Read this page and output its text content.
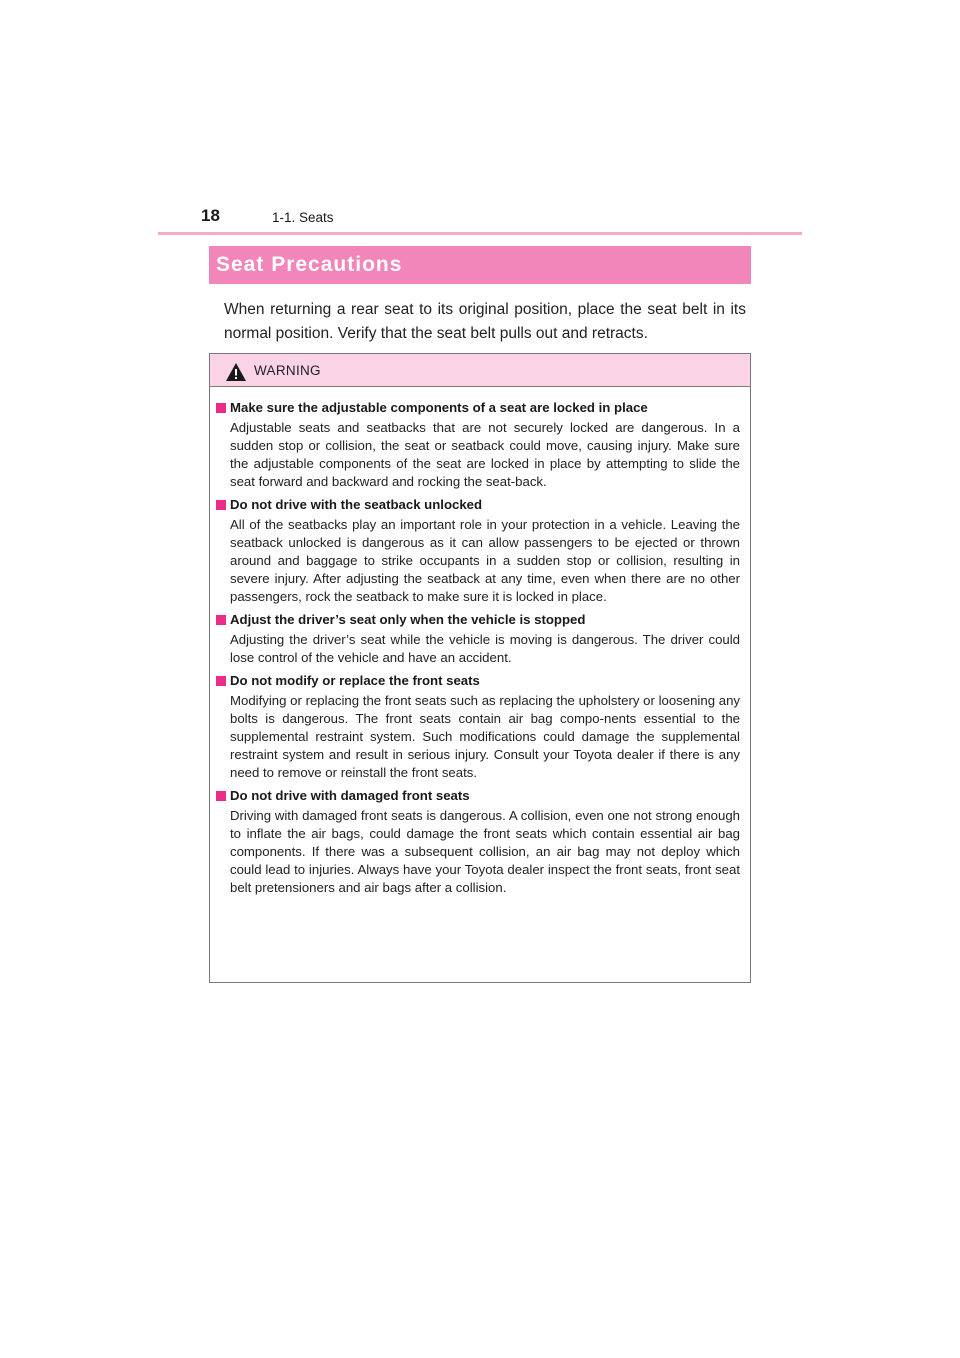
18	1-1. Seats
Seat Precautions
When returning a rear seat to its original position, place the seat belt in its normal position. Verify that the seat belt pulls out and retracts.
WARNING
Make sure the adjustable components of a seat are locked in place
Adjustable seats and seatbacks that are not securely locked are dangerous. In a sudden stop or collision, the seat or seatback could move, causing injury. Make sure the adjustable components of the seat are locked in place by attempting to slide the seat forward and backward and rocking the seat-back.
Do not drive with the seatback unlocked
All of the seatbacks play an important role in your protection in a vehicle. Leaving the seatback unlocked is dangerous as it can allow passengers to be ejected or thrown around and baggage to strike occupants in a sudden stop or collision, resulting in severe injury. After adjusting the seatback at any time, even when there are no other passengers, rock the seatback to make sure it is locked in place.
Adjust the driver’s seat only when the vehicle is stopped
Adjusting the driver’s seat while the vehicle is moving is dangerous. The driver could lose control of the vehicle and have an accident.
Do not modify or replace the front seats
Modifying or replacing the front seats such as replacing the upholstery or loosening any bolts is dangerous. The front seats contain air bag compo-nents essential to the supplemental restraint system. Such modifications could damage the supplemental restraint system and result in serious injury. Consult your Toyota dealer if there is any need to remove or reinstall the front seats.
Do not drive with damaged front seats
Driving with damaged front seats is dangerous. A collision, even one not strong enough to inflate the air bags, could damage the front seats which contain essential air bag components. If there was a subsequent collision, an air bag may not deploy which could lead to injuries. Always have your Toyota dealer inspect the front seats, front seat belt pretensioners and air bags after a collision.
